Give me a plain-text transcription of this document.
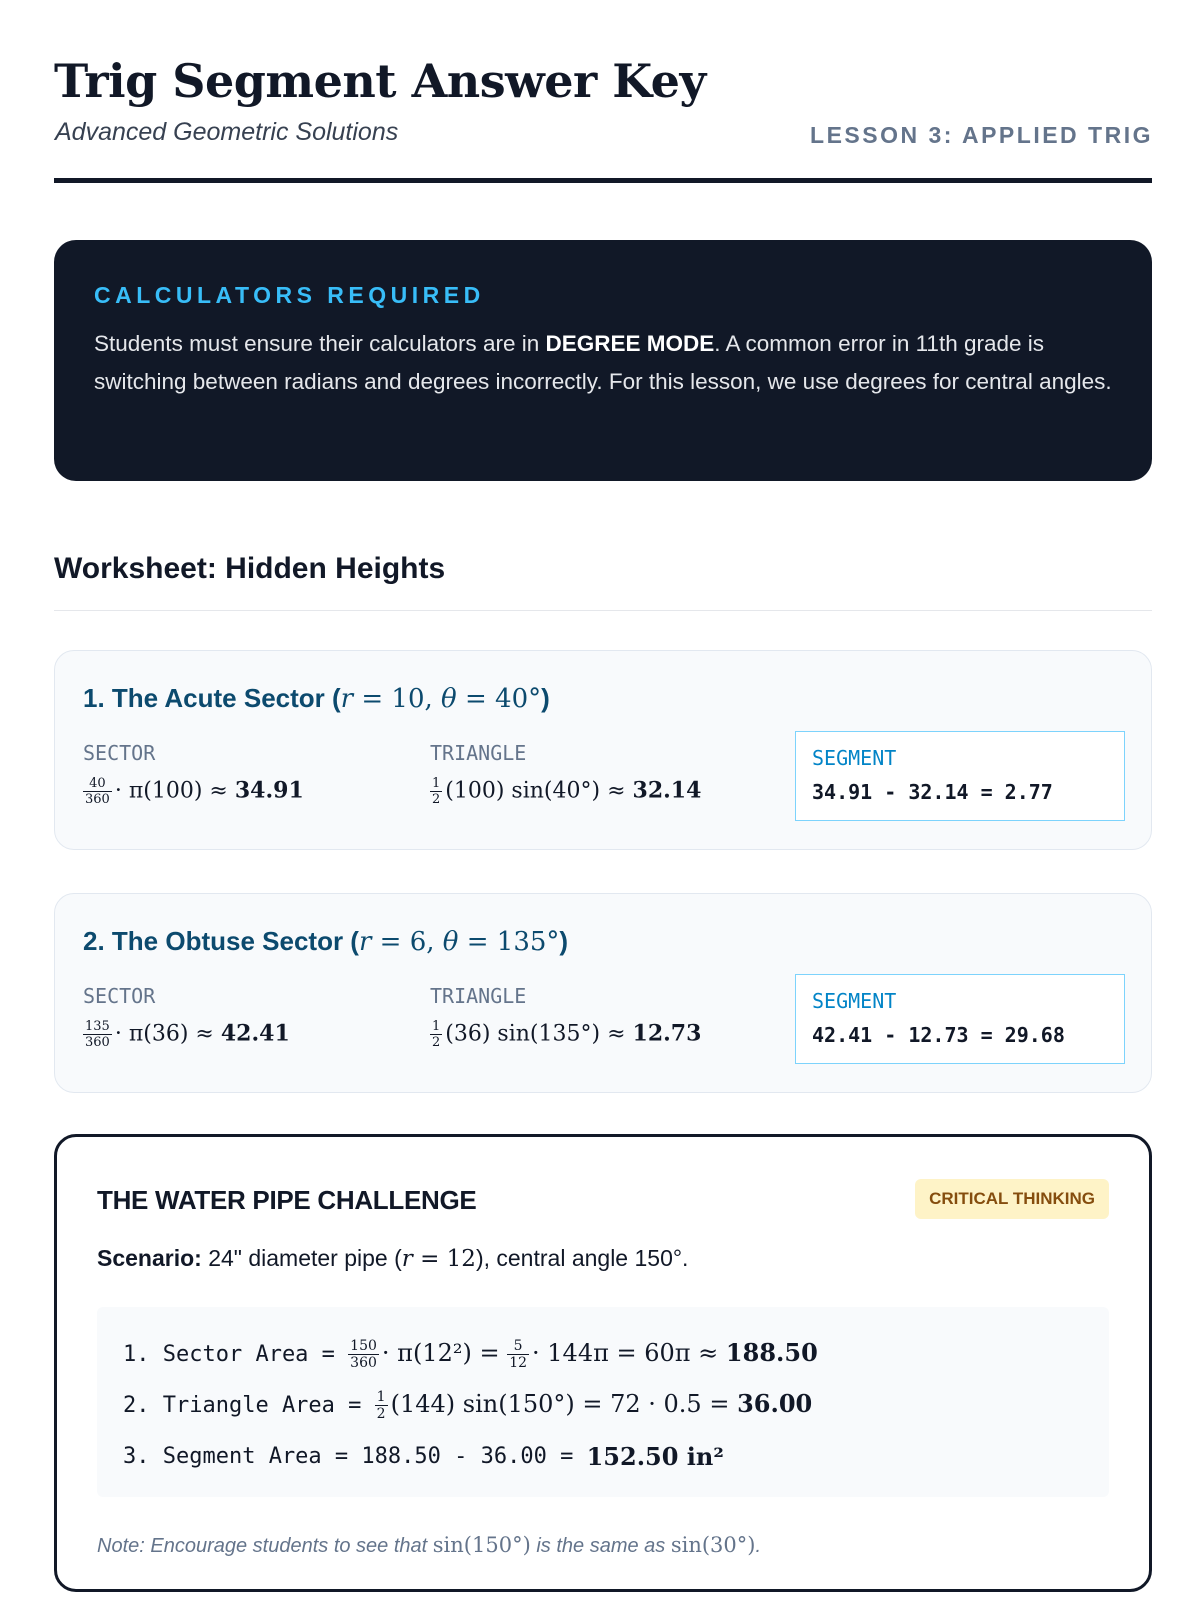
Trig Segment Answer Key
Advanced Geometric Solutions	LESSON 3: APPLIED TRIG
CALCULATORS REQUIRED
Students must ensure their calculators are in DEGREE MODE. A common error in 11th grade is switching between radians and degrees incorrectly. For this lesson, we use degrees for central angles.
Worksheet: Hidden Heights
1. The Acute Sector (r = 10, θ = 40°)
SECTOR
$\frac{40}{360} \cdot \pi(100) \approx 34.91$
TRIANGLE
$\frac{1}{2} (100) \sin(40^\circ) \approx 32.14$
SEGMENT
34.91 - 32.14 = 2.77
2. The Obtuse Sector (r = 6, θ = 135°)
SECTOR
$\frac{135}{360} \cdot \pi(36) \approx 42.41$
TRIANGLE
$\frac{1}{2} (36) \sin(135^\circ) \approx 12.73$
SEGMENT
42.41 - 12.73 = 29.68
THE WATER PIPE CHALLENGE	CRITICAL THINKING
Scenario: 24" diameter pipe (r = 12), central angle 150°.
1. Sector Area = $\frac{150}{360} \cdot \pi(12^2) = \frac{5}{12} \cdot 144\pi = 60\pi \approx 188.50$
2. Triangle Area = $\frac{1}{2} (144) \sin(150^\circ) = 72 \cdot 0.5 = 36.00$
3. Segment Area = 188.50 - 36.00 = 152.50 in²
Note: Encourage students to see that sin(150°) is the same as sin(30°).
